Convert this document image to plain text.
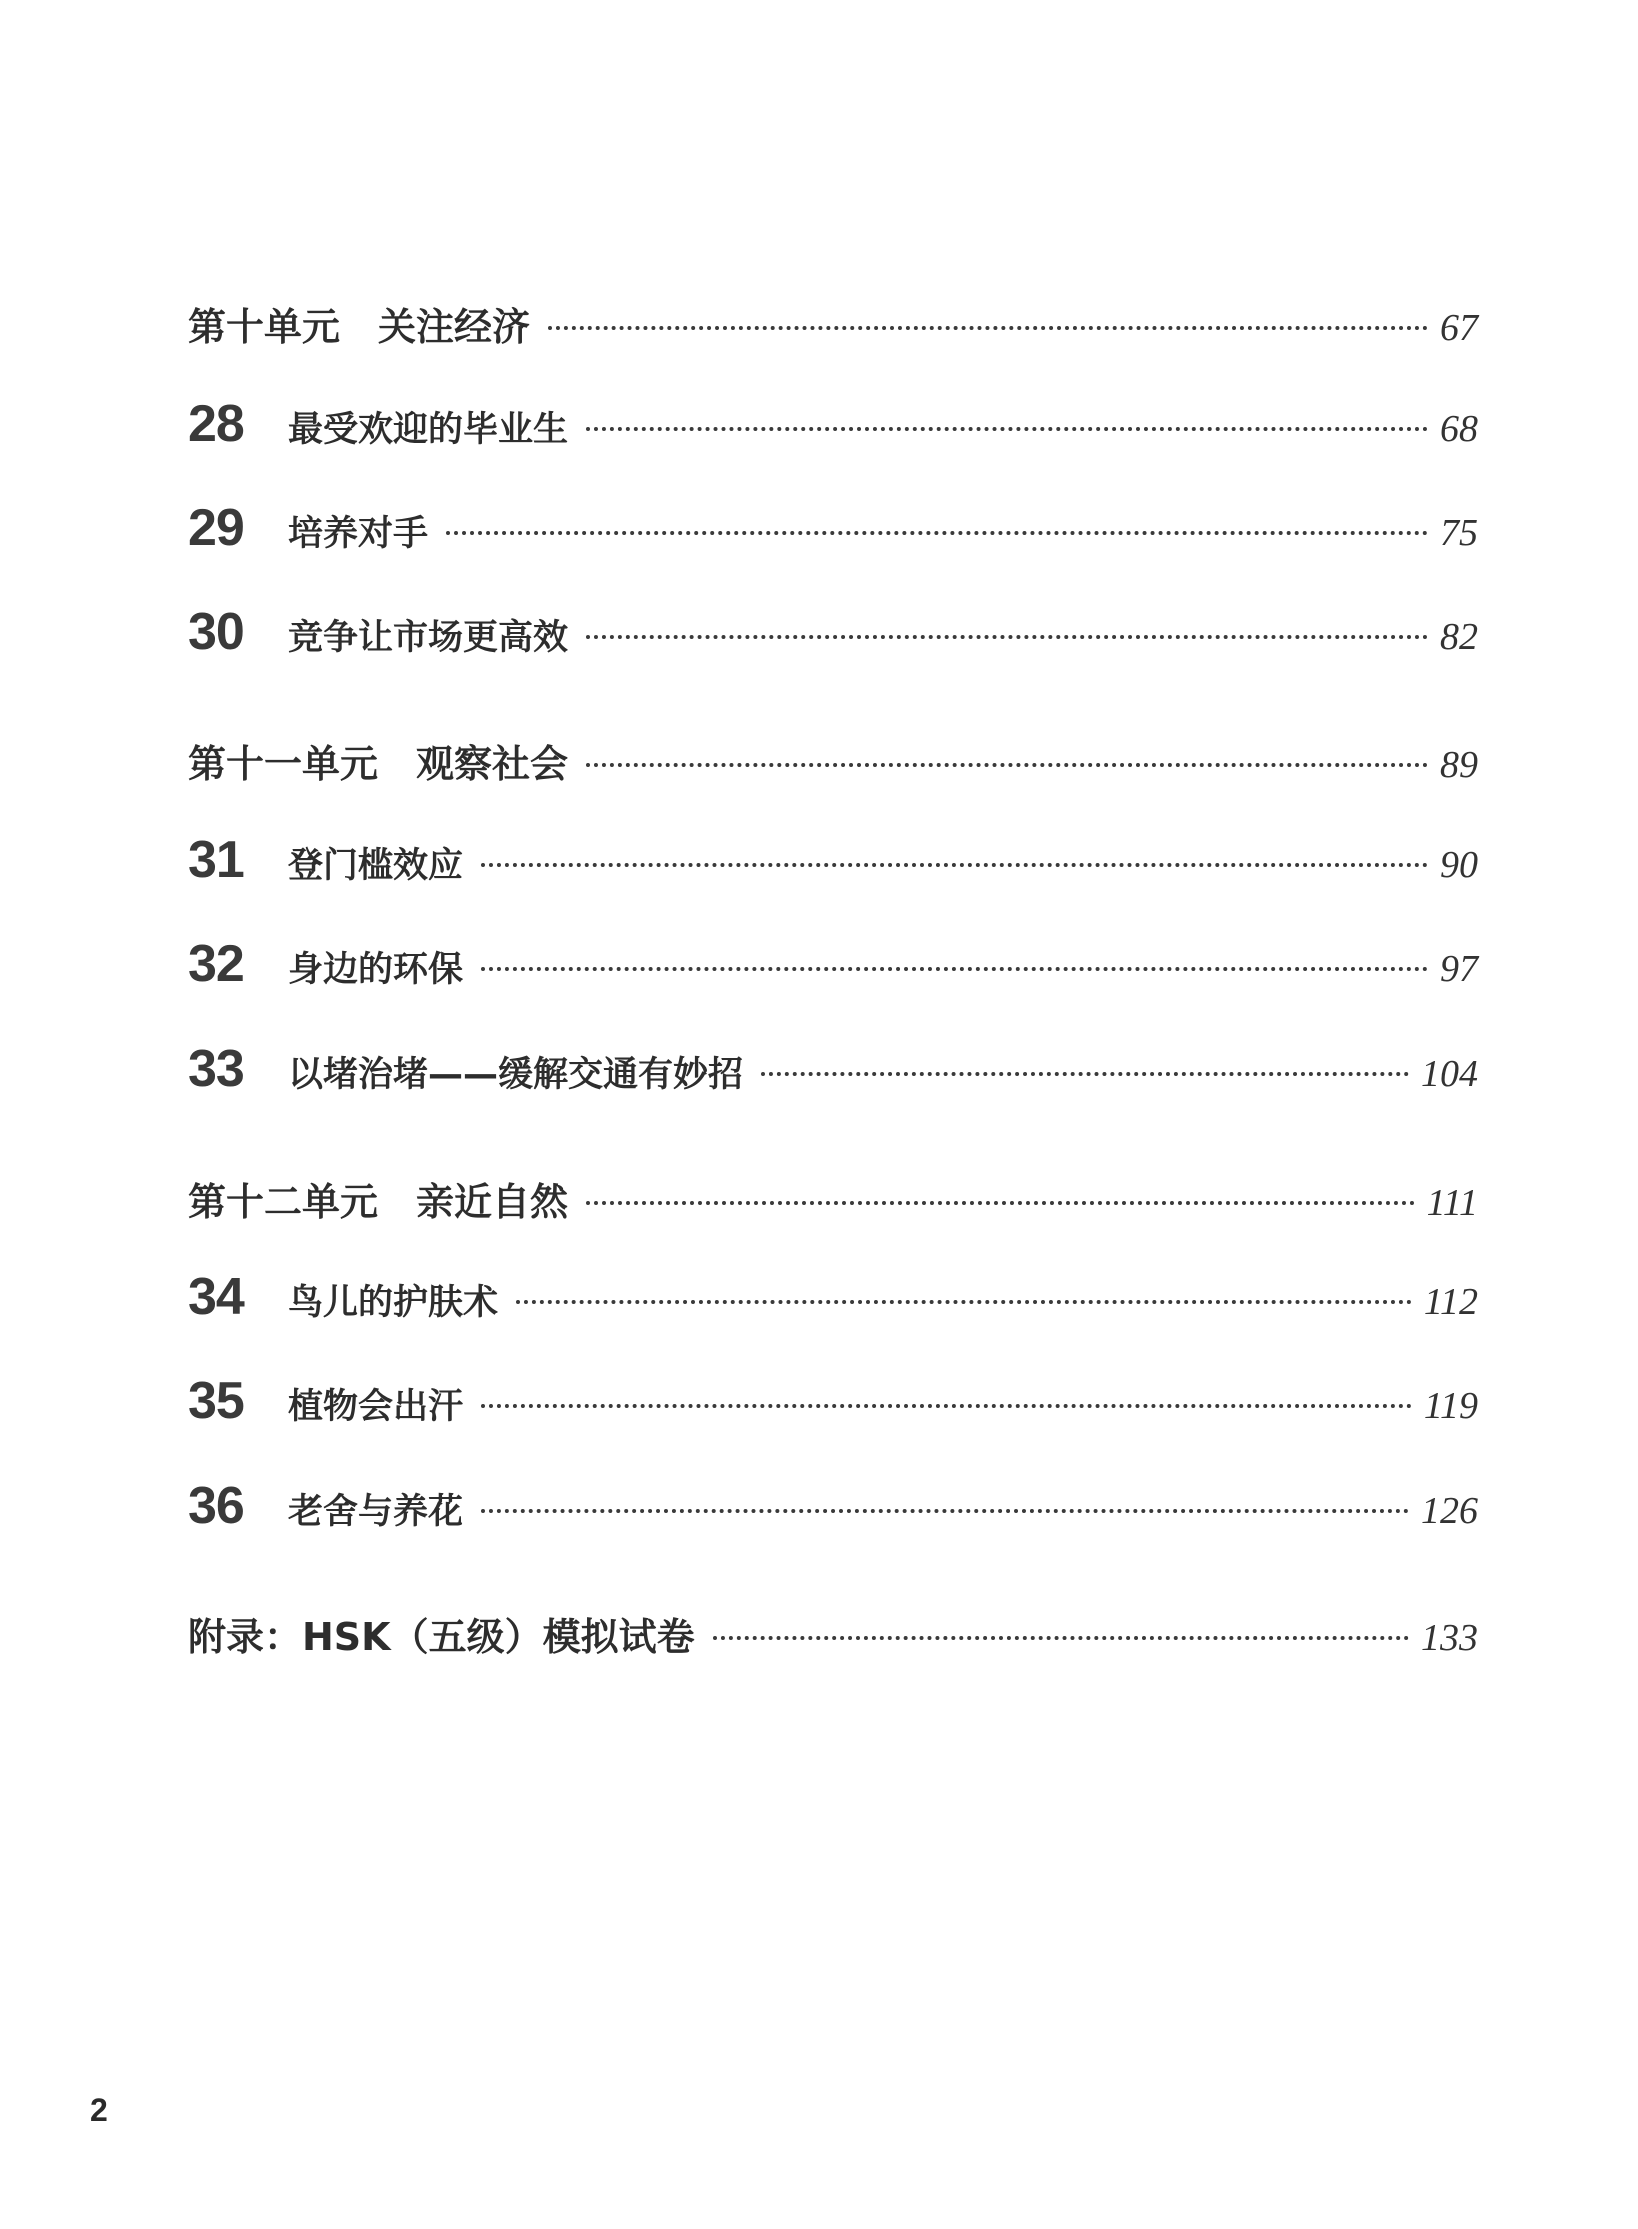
第十单元　关注经济	67
28	最受欢迎的毕业生	68
29	培养对手	75
30	竞争让市场更高效	82
第十一单元　观察社会	89
31	登门槛效应	90
32	身边的环保	97
33	以堵治堵——缓解交通有妙招	104
第十二单元　亲近自然	111
34	鸟儿的护肤术	112
35	植物会出汗	119
36	老舍与养花	126
附录：HSK（五级）模拟试卷	133
2
